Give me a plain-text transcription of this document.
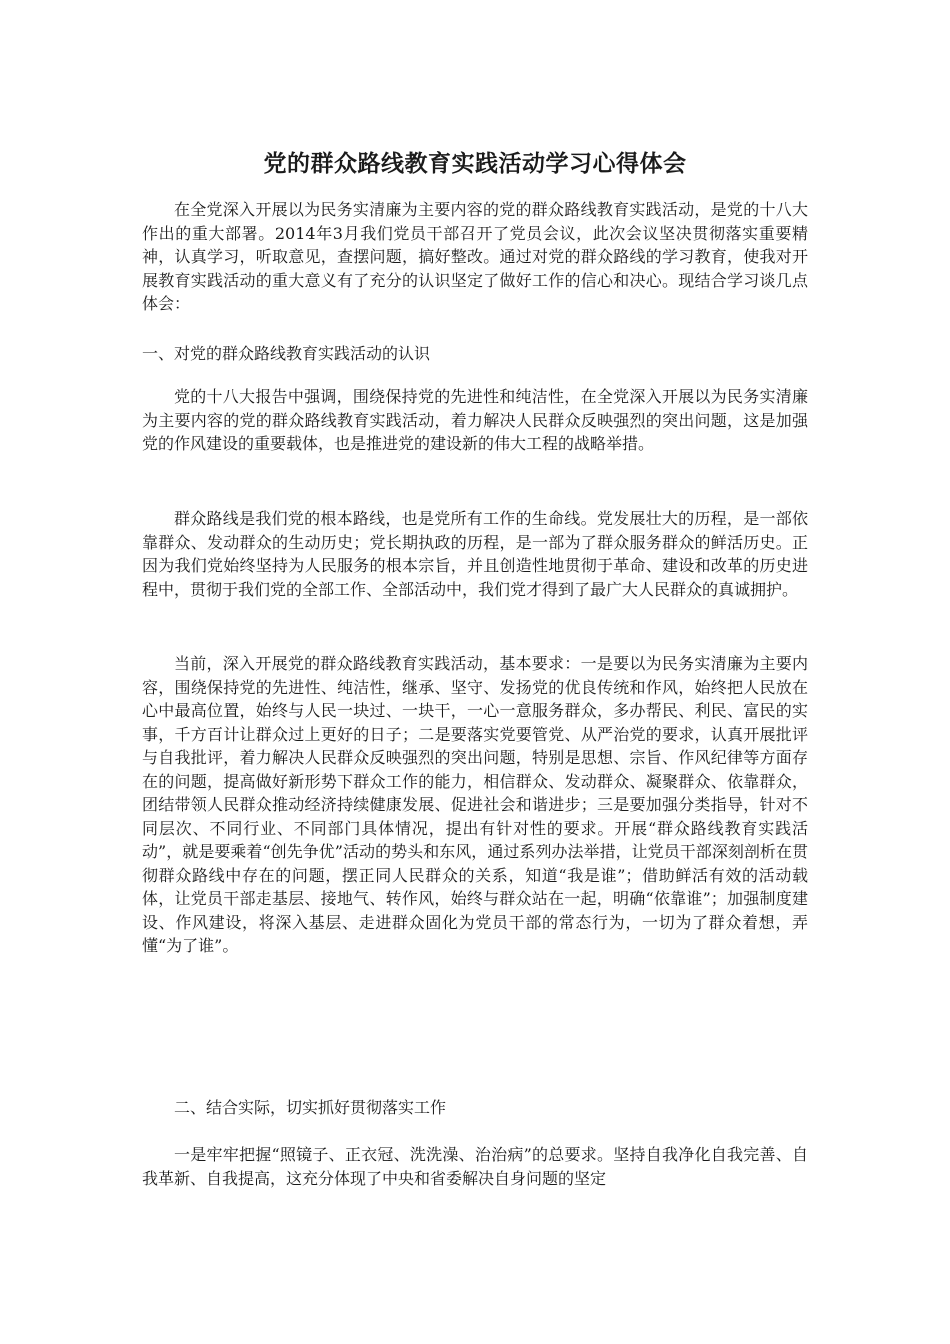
党的群众路线教育实践活动学习心得体会

在全党深入开展以为民务实清廉为主要内容的党的群众路线教育实践活动，是党的十八大作出的重大部署。2014年3月我们党员干部召开了党员会议，此次会议坚决贯彻落实重要精神，认真学习，听取意见，查摆问题，搞好整改。通过对党的群众路线的学习教育，使我对开展教育实践活动的重大意义有了充分的认识坚定了做好工作的信心和决心。现结合学习谈几点体会：

一、对党的群众路线教育实践活动的认识

党的十八大报告中强调，围绕保持党的先进性和纯洁性，在全党深入开展以为民务实清廉为主要内容的党的群众路线教育实践活动，着力解决人民群众反映强烈的突出问题，这是加强党的作风建设的重要载体，也是推进党的建设新的伟大工程的战略举措。

群众路线是我们党的根本路线，也是党所有工作的生命线。党发展壮大的历程，是一部依靠群众、发动群众的生动历史；党长期执政的历程，是一部为了群众服务群众的鲜活历史。正因为我们党始终坚持为人民服务的根本宗旨，并且创造性地贯彻于革命、建设和改革的历史进程中，贯彻于我们党的全部工作、全部活动中，我们党才得到了最广大人民群众的真诚拥护。

当前，深入开展党的群众路线教育实践活动，基本要求：一是要以为民务实清廉为主要内容，围绕保持党的先进性、纯洁性，继承、坚守、发扬党的优良传统和作风，始终把人民放在心中最高位置，始终与人民一块过、一块干，一心一意服务群众，多办帮民、利民、富民的实事，千方百计让群众过上更好的日子；二是要落实党要管党、从严治党的要求，认真开展批评与自我批评，着力解决人民群众反映强烈的突出问题，特别是思想、宗旨、作风纪律等方面存在的问题，提高做好新形势下群众工作的能力，相信群众、发动群众、凝聚群众、依靠群众，团结带领人民群众推动经济持续健康发展、促进社会和谐进步；三是要加强分类指导，针对不同层次、不同行业、不同部门具体情况，提出有针对性的要求。开展“群众路线教育实践活动”，就是要乘着“创先争优”活动的势头和东风，通过系列办法举措，让党员干部深刻剖析在贯彻群众路线中存在的问题，摆正同人民群众的关系，知道“我是谁”；借助鲜活有效的活动载体，让党员干部走基层、接地气、转作风，始终与群众站在一起，明确“依靠谁”；加强制度建设、作风建设，将深入基层、走进群众固化为党员干部的常态行为，一切为了群众着想，弄懂“为了谁”。

二、结合实际，切实抓好贯彻落实工作

一是牢牢把握“照镜子、正衣冠、洗洗澡、治治病”的总要求。坚持自我净化自我完善、自我革新、自我提高，这充分体现了中央和省委解决自身问题的坚定
